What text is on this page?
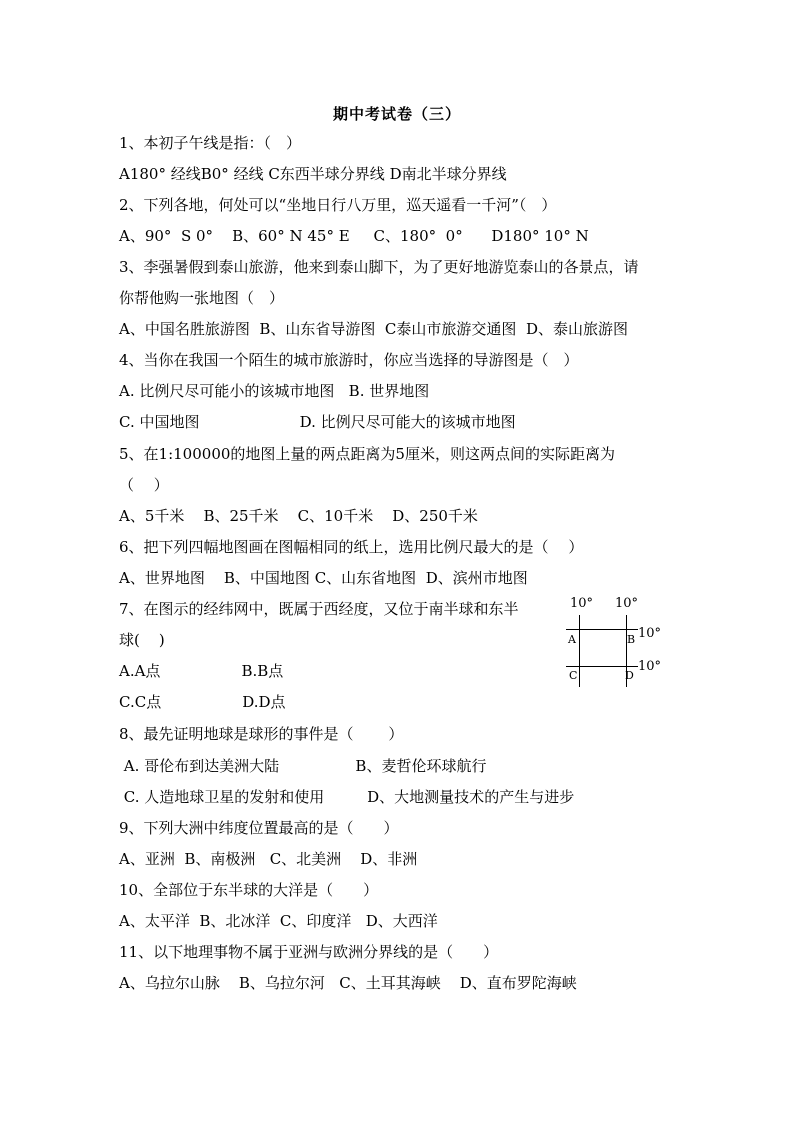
期中考试卷（三）
1、本初子午线是指：（　）
A180° 经线B0° 经线 C东西半球分界线 D南北半球分界线
2、下列各地，何处可以“坐地日行八万里，巡天遥看一千河”（　）
A、90°  S 0°    B、60° N 45° E     C、180°  0°      D180° 10° N
3、李强暑假到泰山旅游，他来到泰山脚下，为了更好地游览泰山的各景点，请
你帮他购一张地图（　）
A、中国名胜旅游图  B、山东省导游图  C泰山市旅游交通图  D、泰山旅游图
4、当你在我国一个陌生的城市旅游时，你应当选择的导游图是（　）
A. 比例尺尽可能小的该城市地图   B. 世界地图
C. 中国地图                     D. 比例尺尽可能大的该城市地图
5、在1:100000的地图上量的两点距离为5厘米，则这两点间的实际距离为
（　 ）
A、5千米    B、25千米    C、10千米    D、250千米
6、把下列四幅地图画在图幅相同的纸上，选用比例尺最大的是（　 ）
A、世界地图    B、中国地图 C、山东省地图  D、滨州市地图
7、在图示的经纬网中，既属于西经度，又位于南半球和东半
球(    )
A.A点                 B.B点
C.C点                 D.D点
8、最先证明地球是球形的事件是（　　 ）
A. 哥伦布到达美洲大陆                B、麦哲伦环球航行
C. 人造地球卫星的发射和使用         D、大地测量技术的产生与进步
9、下列大洲中纬度位置最高的是（　　）
A、亚洲  B、南极洲   C、北美洲    D、非洲
10、全部位于东半球的大洋是（　　）
A、太平洋  B、北冰洋  C、印度洋   D、大西洋
11、以下地理事物不属于亚洲与欧洲分界线的是（　　）
A、乌拉尔山脉    B、乌拉尔河   C、土耳其海峡    D、直布罗陀海峡
10° 10°
10°
10°
A	B
C	D
